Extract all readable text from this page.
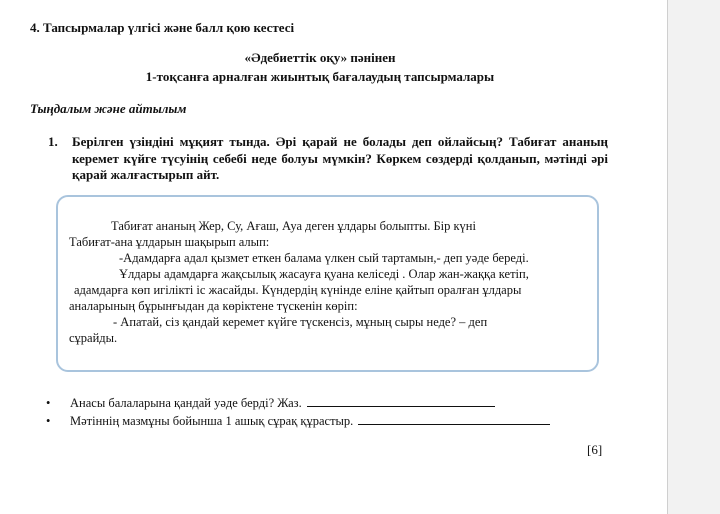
4. Тапсырмалар үлгісі және балл қою кестесі
«Әдебиеттік оқу» пәнінен
1-тоқсанға арналған жиынтық бағалаудың тапсырмалары
Тыңдалым және айтылым
1. Берілген үзіндіні мұқият тында. Әрі қарай не болады деп ойлайсың? Табиғат ананың керемет күйге түсуінің себебі неде болуы мүмкін? Көркем сөздерді қолданып, мәтінді әрі қарай жалғастырып айт.
Табиғат ананың Жер, Су, Ағаш, Ауа деген ұлдары болыпты. Бір күні
Табиғат-ана ұлдарын шақырып алып:
-Адамдарға адал қызмет еткен балама үлкен сый тартамын,- деп уәде береді.
Ұлдары адамдарға жақсылық жасауға қуана келіседі . Олар жан-жаққа кетіп,
адамдарға көп игілікті іс жасайды. Күндердің күнінде еліне қайтып оралған ұлдары
аналарының бұрынғыдан да көріктене түскенін көріп:
- Апатай, сіз қандай керемет күйге түскенсіз, мұның сыры неде? – деп
сұрайды.
•	Анасы балаларына қандай уәде берді? Жаз.
•	Мәтіннің мазмұны бойынша 1 ашық сұрақ құрастыр.
[6]
